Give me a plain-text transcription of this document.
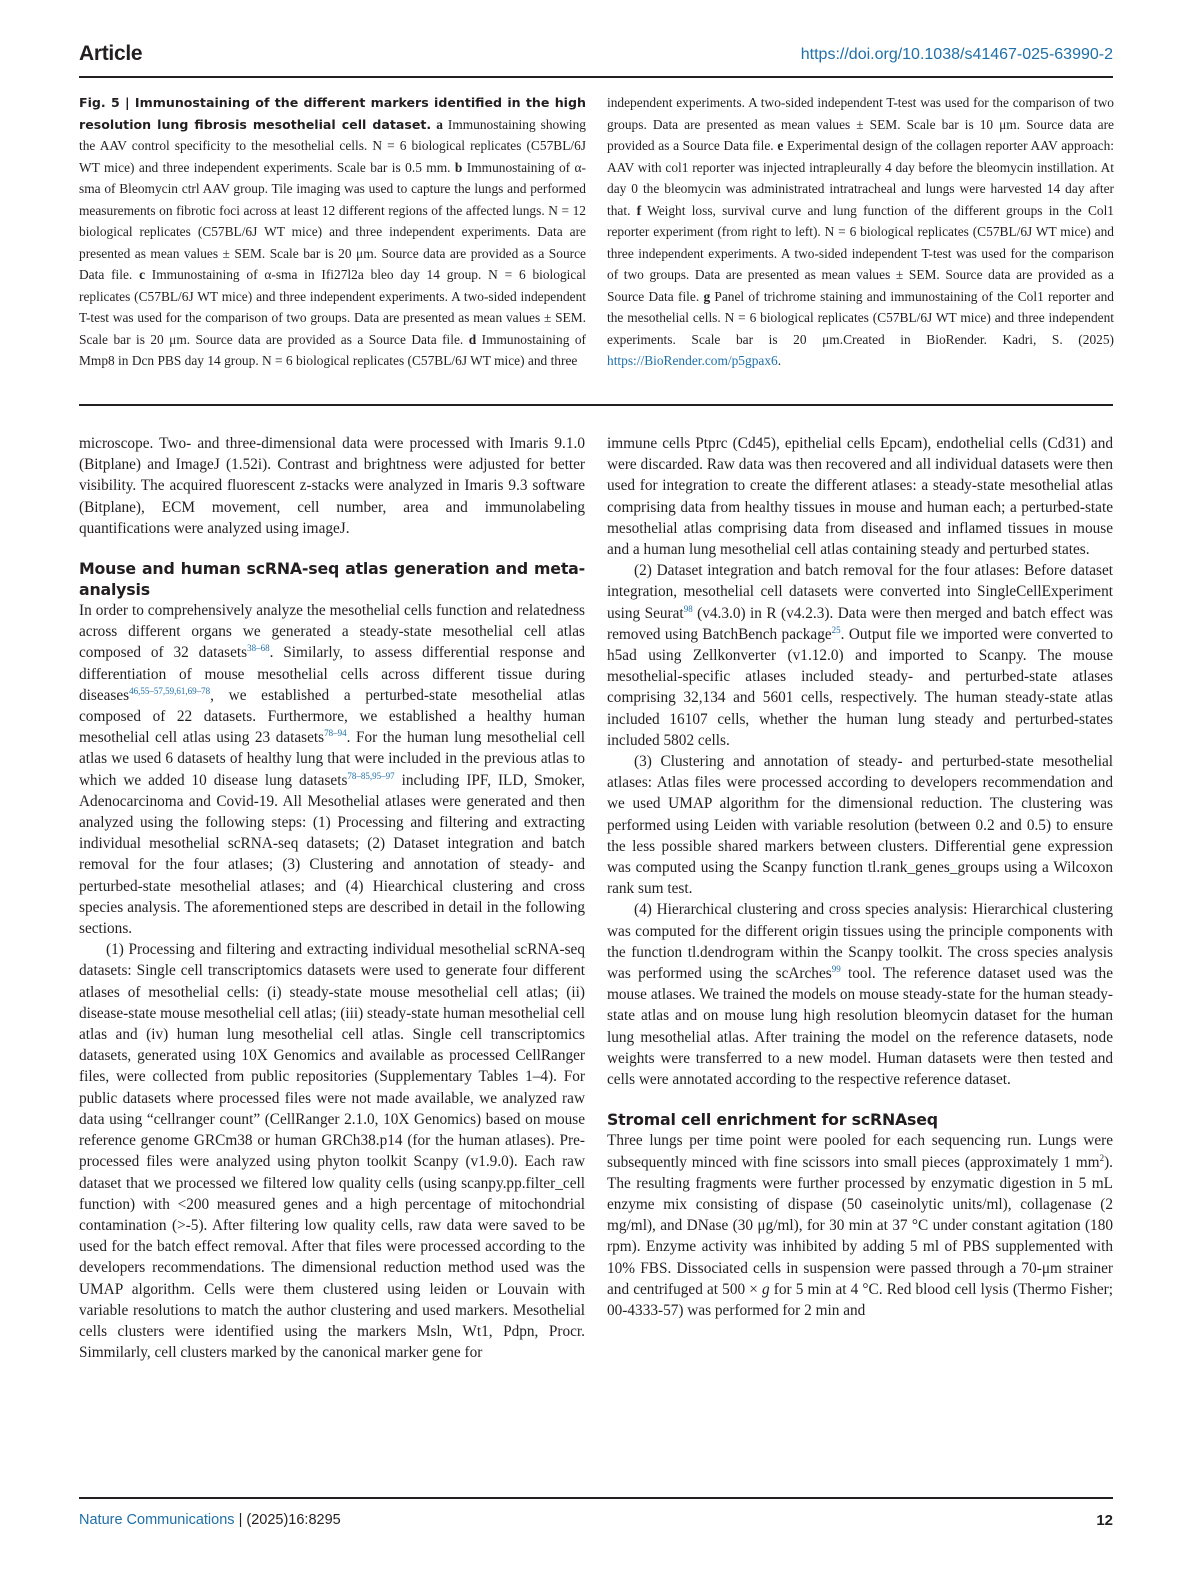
Article	https://doi.org/10.1038/s41467-025-63990-2
Fig. 5 | Immunostaining of the different markers identified in the high resolution lung fibrosis mesothelial cell dataset. a Immunostaining showing the AAV control specificity to the mesothelial cells. N = 6 biological replicates (C57BL/6J WT mice) and three independent experiments. Scale bar is 0.5 mm. b Immunostaining of α-sma of Bleomycin ctrl AAV group. Tile imaging was used to capture the lungs and performed measurements on fibrotic foci across at least 12 different regions of the affected lungs. N = 12 biological replicates (C57BL/6J WT mice) and three independent experiments. Data are presented as mean values ± SEM. Scale bar is 20 μm. Source data are provided as a Source Data file. c Immunostaining of α-sma in Ifi27l2a bleo day 14 group. N = 6 biological replicates (C57BL/6J WT mice) and three independent experiments. A two-sided independent T-test was used for the comparison of two groups. Data are presented as mean values ± SEM. Scale bar is 20 μm. Source data are provided as a Source Data file. d Immunostaining of Mmp8 in Dcn PBS day 14 group. N = 6 biological replicates (C57BL/6J WT mice) and three
independent experiments. A two-sided independent T-test was used for the comparison of two groups. Data are presented as mean values ± SEM. Scale bar is 10 μm. Source data are provided as a Source Data file. e Experimental design of the collagen reporter AAV approach: AAV with col1 reporter was injected intrapleurally 4 day before the bleomycin instillation. At day 0 the bleomycin was administrated intratracheal and lungs were harvested 14 day after that. f Weight loss, survival curve and lung function of the different groups in the Col1 reporter experiment (from right to left). N = 6 biological replicates (C57BL/6J WT mice) and three independent experiments. A two-sided independent T-test was used for the comparison of two groups. Data are presented as mean values ± SEM. Source data are provided as a Source Data file. g Panel of trichrome staining and immunostaining of the Col1 reporter and the mesothelial cells. N = 6 biological replicates (C57BL/6J WT mice) and three independent experiments. Scale bar is 20 μm.Created in BioRender. Kadri, S. (2025) https://BioRender.com/p5gpax6.

microscope. Two- and three-dimensional data were processed with Imaris 9.1.0 (Bitplane) and ImageJ (1.52i). Contrast and brightness were adjusted for better visibility. The acquired fluorescent z-stacks were analyzed in Imaris 9.3 software (Bitplane), ECM movement, cell number, area and immunolabeling quantifications were analyzed using imageJ.

Mouse and human scRNA-seq atlas generation and meta-analysis

In order to comprehensively analyze the mesothelial cells function and relatedness across different organs we generated a steady-state mesothelial cell atlas composed of 32 datasets$^{38-68}$. Similarly, to assess differential response and differentiation of mouse mesothelial cells across different tissue during diseases$^{46,55-57,59,61,69-78}$, we established a perturbed-state mesothelial atlas composed of 22 datasets. Furthermore, we established a healthy human mesothelial cell atlas using 23 datasets$^{78-94}$. For the human lung mesothelial cell atlas we used 6 datasets of healthy lung that were included in the previous atlas to which we added 10 disease lung datasets$^{78-85,95-97}$ including IPF, ILD, Smoker, Adenocarcinoma and Covid-19. All Mesothelial atlases were generated and then analyzed using the following steps: (1) Processing and filtering and extracting individual mesothelial scRNA-seq datasets; (2) Dataset integration and batch removal for the four atlases; (3) Clustering and annotation of steady- and perturbed-state mesothelial atlases; and (4) Hiearchical clustering and cross species analysis. The aforementioned steps are described in detail in the following sections.

(1) Processing and filtering and extracting individual mesothelial scRNA-seq datasets: Single cell transcriptomics datasets were used to generate four different atlases of mesothelial cells: (i) steady-state mouse mesothelial cell atlas; (ii) disease-state mouse mesothelial cell atlas; (iii) steady-state human mesothelial cell atlas and (iv) human lung mesothelial cell atlas. Single cell transcriptomics datasets, generated using 10X Genomics and available as processed CellRanger files, were collected from public repositories (Supplementary Tables 1–4). For public datasets where processed files were not made available, we analyzed raw data using “cellranger count” (CellRanger 2.1.0, 10X Genomics) based on mouse reference genome GRCm38 or human GRCh38.p14 (for the human atlases). Pre-processed files were analyzed using phyton toolkit Scanpy (v1.9.0). Each raw dataset that we processed we filtered low quality cells (using scanpy.pp.filter_cell function) with <200 measured genes and a high percentage of mitochondrial contamination (>-5). After filtering low quality cells, raw data were saved to be used for the batch effect removal. After that files were processed according to the developers recommendations. The dimensional reduction method used was the UMAP algorithm. Cells were them clustered using leiden or Louvain with variable resolutions to match the author clustering and used markers. Mesothelial cells clusters were identified using the markers Msln, Wt1, Pdpn, Procr. Simmilarly, cell clusters marked by the canonical marker gene for

immune cells Ptprc (Cd45), epithelial cells Epcam), endothelial cells (Cd31) and were discarded. Raw data was then recovered and all individual datasets were then used for integration to create the different atlases: a steady-state mesothelial atlas comprising data from healthy tissues in mouse and human each; a perturbed-state mesothelial atlas comprising data from diseased and inflamed tissues in mouse and a human lung mesothelial cell atlas containing steady and perturbed states.

(2) Dataset integration and batch removal for the four atlases: Before dataset integration, mesothelial cell datasets were converted into SingleCellExperiment using Seurat$^{98}$ (v4.3.0) in R (v4.2.3). Data were then merged and batch effect was removed using BatchBench package$^{25}$. Output file we imported were converted to h5ad using Zellkonverter (v1.12.0) and imported to Scanpy. The mouse mesothelial-specific atlases included steady- and perturbed-state atlases comprising 32,134 and 5601 cells, respectively. The human steady-state atlas included 16107 cells, whether the human lung steady and perturbed-states included 5802 cells.

(3) Clustering and annotation of steady- and perturbed-state mesothelial atlases: Atlas files were processed according to developers recommendation and we used UMAP algorithm for the dimensional reduction. The clustering was performed using Leiden with variable resolution (between 0.2 and 0.5) to ensure the less possible shared markers between clusters. Differential gene expression was computed using the Scanpy function tl.rank_genes_groups using a Wilcoxon rank sum test.

(4) Hierarchical clustering and cross species analysis: Hierarchical clustering was computed for the different origin tissues using the principle components with the function tl.dendrogram within the Scanpy toolkit. The cross species analysis was performed using the scArches$^{99}$ tool. The reference dataset used was the mouse atlases. We trained the models on mouse steady-state for the human steady-state atlas and on mouse lung high resolution bleomycin dataset for the human lung mesothelial atlas. After training the model on the reference datasets, node weights were transferred to a new model. Human datasets were then tested and cells were annotated according to the respective reference dataset.

Stromal cell enrichment for scRNAseq

Three lungs per time point were pooled for each sequencing run. Lungs were subsequently minced with fine scissors into small pieces (approximately 1 $mm^2$). The resulting fragments were further processed by enzymatic digestion in 5 mL enzyme mix consisting of dispase (50 caseinolytic units/ml), collagenase (2 mg/ml), and DNase (30 μg/ml), for 30 min at 37 °C under constant agitation (180 rpm). Enzyme activity was inhibited by adding 5 ml of PBS supplemented with 10% FBS. Dissociated cells in suspension were passed through a 70-μm strainer and centrifuged at 500 × g for 5 min at 4 °C. Red blood cell lysis (Thermo Fisher; 00-4333-57) was performed for 2 min and

Nature Communications | (2025)16:8295	12
